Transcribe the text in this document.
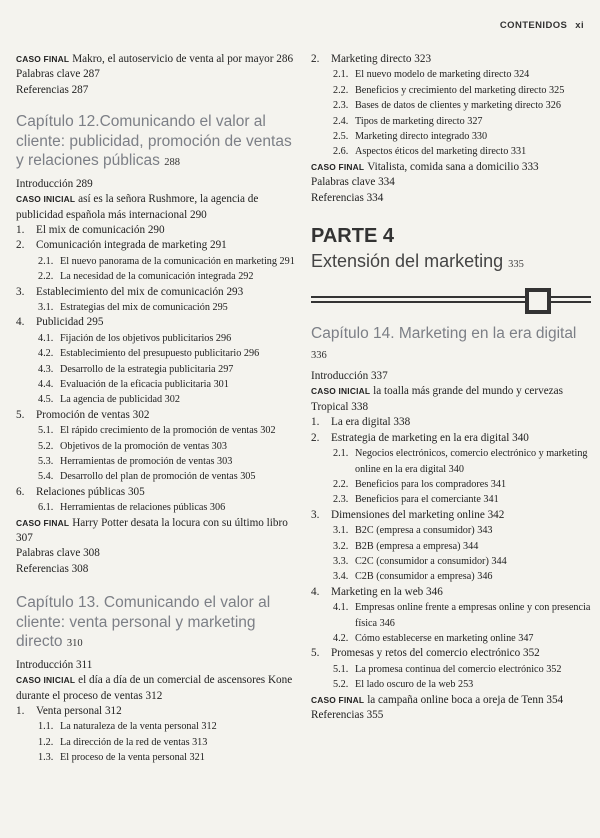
CONTENIDOS xi
CASO FINAL Makro, el autoservicio de venta al por mayor 286
Palabras clave 287
Referencias 287
Capítulo 12.Comunicando el valor al cliente: publicidad, promoción de ventas y relaciones públicas 288
Introducción 289
CASO INICIAL así es la señora Rushmore, la agencia de publicidad española más internacional 290
1. El mix de comunicación 290
2. Comunicación integrada de marketing 291
2.1. El nuevo panorama de la comunicación en marketing 291
2.2. La necesidad de la comunicación integrada 292
3. Establecimiento del mix de comunicación 293
3.1. Estrategias del mix de comunicación 295
4. Publicidad 295
4.1. Fijación de los objetivos publicitarios 296
4.2. Establecimiento del presupuesto publicitario 296
4.3. Desarrollo de la estrategia publicitaria 297
4.4. Evaluación de la eficacia publicitaria 301
4.5. La agencia de publicidad 302
5. Promoción de ventas 302
5.1. El rápido crecimiento de la promoción de ventas 302
5.2. Objetivos de la promoción de ventas 303
5.3. Herramientas de promoción de ventas 303
5.4. Desarrollo del plan de promoción de ventas 305
6. Relaciones públicas 305
6.1. Herramientas de relaciones públicas 306
CASO FINAL Harry Potter desata la locura con su último libro 307
Palabras clave 308
Referencias 308
Capítulo 13. Comunicando el valor al cliente: venta personal y marketing directo 310
Introducción 311
CASO INICIAL el día a día de un comercial de ascensores Kone durante el proceso de ventas 312
1. Venta personal 312
1.1. La naturaleza de la venta personal 312
1.2. La dirección de la red de ventas 313
1.3. El proceso de la venta personal 321
2. Marketing directo 323
2.1. El nuevo modelo de marketing directo 324
2.2. Beneficios y crecimiento del marketing directo 325
2.3. Bases de datos de clientes y marketing directo 326
2.4. Tipos de marketing directo 327
2.5. Marketing directo integrado 330
2.6. Aspectos éticos del marketing directo 331
CASO FINAL Vitalista, comida sana a domicilio 333
Palabras clave 334
Referencias 334
PARTE 4
Extensión del marketing 335
Capítulo 14. Marketing en la era digital 336
Introducción 337
CASO INICIAL la toalla más grande del mundo y cervezas Tropical 338
1. La era digital 338
2. Estrategia de marketing en la era digital 340
2.1. Negocios electrónicos, comercio electrónico y marketing online en la era digital 340
2.2. Beneficios para los compradores 341
2.3. Beneficios para el comerciante 341
3. Dimensiones del marketing online 342
3.1. B2C (empresa a consumidor) 343
3.2. B2B (empresa a empresa) 344
3.3. C2C (consumidor a consumidor) 344
3.4. C2B (consumidor a empresa) 346
4. Marketing en la web 346
4.1. Empresas online frente a empresas online y con presencia física 346
4.2. Cómo establecerse en marketing online 347
5. Promesas y retos del comercio electrónico 352
5.1. La promesa continua del comercio electrónico 352
5.2. El lado oscuro de la web 253
CASO FINAL la campaña online boca a oreja de Tenn 354
Referencias 355
